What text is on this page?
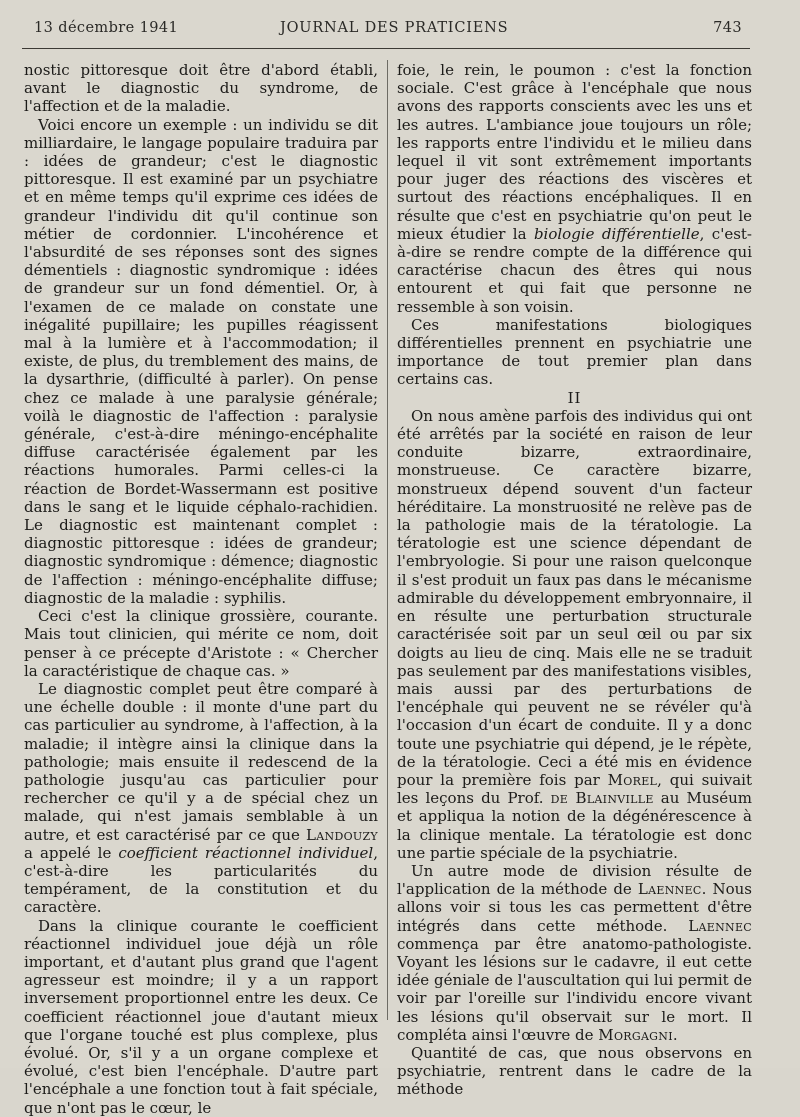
13 décembre 1941	JOURNAL DES PRATICIENS	743

nostic pittoresque doit être d'abord établi, avant le diagnostic du syndrome, de l'affection et de la maladie.

Voici encore un exemple : un individu se dit milliardaire, le langage populaire traduira par : idées de grandeur; c'est le diagnostic pittoresque. Il est examiné par un psychiatre et en même temps qu'il exprime ces idées de grandeur l'individu dit qu'il continue son métier de cordonnier. L'incohérence et l'absurdité de ses réponses sont des signes démentiels : diagnostic syndromique : idées de grandeur sur un fond démentiel. Or, à l'examen de ce malade on constate une inégalité pupillaire; les pupilles réagissent mal à la lumière et à l'accommodation; il existe, de plus, du tremblement des mains, de la dysarthrie, (difficulté à parler). On pense chez ce malade à une paralysie générale; voilà le diagnostic de l'affection : paralysie générale, c'est-à-dire méningo-encéphalite diffuse caractérisée également par les réactions humorales. Parmi celles-ci la réaction de Bordet-Wassermann est positive dans le sang et le liquide céphalo-rachidien. Le diagnostic est maintenant complet : diagnostic pittoresque : idées de grandeur; diagnostic syndromique : démence; diagnostic de l'affection : méningo-encéphalite diffuse; diagnostic de la maladie : syphilis.

Ceci c'est la clinique grossière, courante. Mais tout clinicien, qui mérite ce nom, doit penser à ce précepte d'Aristote : « Chercher la caractéristique de chaque cas. »

Le diagnostic complet peut être comparé à une échelle double : il monte d'une part du cas particulier au syndrome, à l'affection, à la maladie; il intègre ainsi la clinique dans la pathologie; mais ensuite il redescend de la pathologie jusqu'au cas particulier pour rechercher ce qu'il y a de spécial chez un malade, qui n'est jamais semblable à un autre, et est caractérisé par ce que Landouzy a appelé le coefficient réactionnel individuel, c'est-à-dire les particularités du tempérament, de la constitution et du caractère.

Dans la clinique courante le coefficient réactionnel individuel joue déjà un rôle important, et d'autant plus grand que l'agent agresseur est moindre; il y a un rapport inversement proportionnel entre les deux. Ce coefficient réactionnel joue d'autant mieux que l'organe touché est plus complexe, plus évolué. Or, s'il y a un organe complexe et évolué, c'est bien l'encéphale. D'autre part l'encéphale a une fonction tout à fait spéciale, que n'ont pas le cœur, le

foie, le rein, le poumon : c'est la fonction sociale. C'est grâce à l'encéphale que nous avons des rapports conscients avec les uns et les autres. L'ambiance joue toujours un rôle; les rapports entre l'individu et le milieu dans lequel il vit sont extrêmement importants pour juger des réactions des viscères et surtout des réactions encéphaliques. Il en résulte que c'est en psychiatrie qu'on peut le mieux étudier la biologie différentielle, c'est-à-dire se rendre compte de la différence qui caractérise chacun des êtres qui nous entourent et qui fait que personne ne ressemble à son voisin.

Ces manifestations biologiques différentielles prennent en psychiatrie une importance de tout premier plan dans certains cas.

II

On nous amène parfois des individus qui ont été arrêtés par la société en raison de leur conduite bizarre, extraordinaire, monstrueuse. Ce caractère bizarre, monstrueux dépend souvent d'un facteur héréditaire. La monstruosité ne relève pas de la pathologie mais de la tératologie. La tératologie est une science dépendant de l'embryologie. Si pour une raison quelconque il s'est produit un faux pas dans le mécanisme admirable du développement embryonnaire, il en résulte une perturbation structurale caractérisée soit par un seul œil ou par six doigts au lieu de cinq. Mais elle ne se traduit pas seulement par des manifestations visibles, mais aussi par des perturbations de l'encéphale qui peuvent ne se révéler qu'à l'occasion d'un écart de conduite. Il y a donc toute une psychiatrie qui dépend, je le répète, de la tératologie. Ceci a été mis en évidence pour la première fois par Morel, qui suivait les leçons du Prof. de Blainville au Muséum et appliqua la notion de la dégénérescence à la clinique mentale. La tératologie est donc une partie spéciale de la psychiatrie.

Un autre mode de division résulte de l'application de la méthode de Laennec. Nous allons voir si tous les cas permettent d'être intégrés dans cette méthode. Laennec commença par être anatomo-pathologiste. Voyant les lésions sur le cadavre, il eut cette idée géniale de l'auscultation qui lui permit de voir par l'oreille sur l'individu encore vivant les lésions qu'il observait sur le mort. Il compléta ainsi l'œuvre de Morgagni.

Quantité de cas, que nous observons en psychiatrie, rentrent dans le cadre de la méthode
